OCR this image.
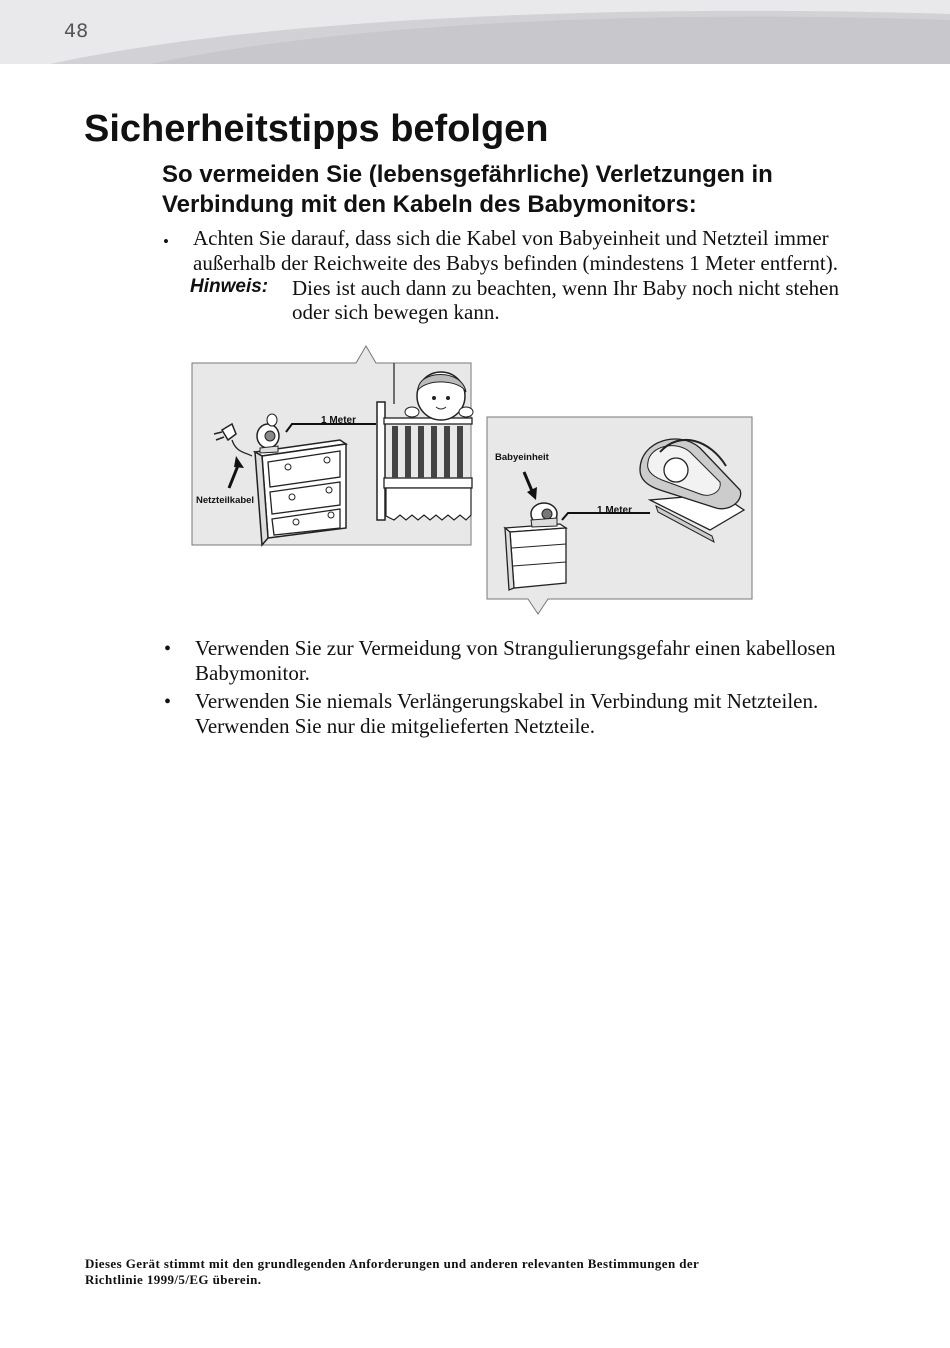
48
Sicherheitstipps befolgen
So vermeiden Sie (lebensgefährliche) Verletzungen in
Verbindung mit den Kabeln des Babymonitors:
• Achten Sie darauf, dass sich die Kabel von Babyeinheit und Netzteil immer
außerhalb der Reichweite des Babys befinden (mindestens 1 Meter entfernt).
Hinweis: Dies ist auch dann zu beachten, wenn Ihr Baby noch nicht stehen
oder sich bewegen kann.
1 Meter
Netzteilkabel
Babyeinheit
1 Meter
• Verwenden Sie zur Vermeidung von Strangulierungsgefahr einen kabellosen
Babymonitor.
• Verwenden Sie niemals Verlängerungskabel in Verbindung mit Netzteilen.
Verwenden Sie nur die mitgelieferten Netzteile.
Dieses Gerät stimmt mit den grundlegenden Anforderungen und anderen relevanten Bestimmungen der
Richtlinie 1999/5/EG überein.
